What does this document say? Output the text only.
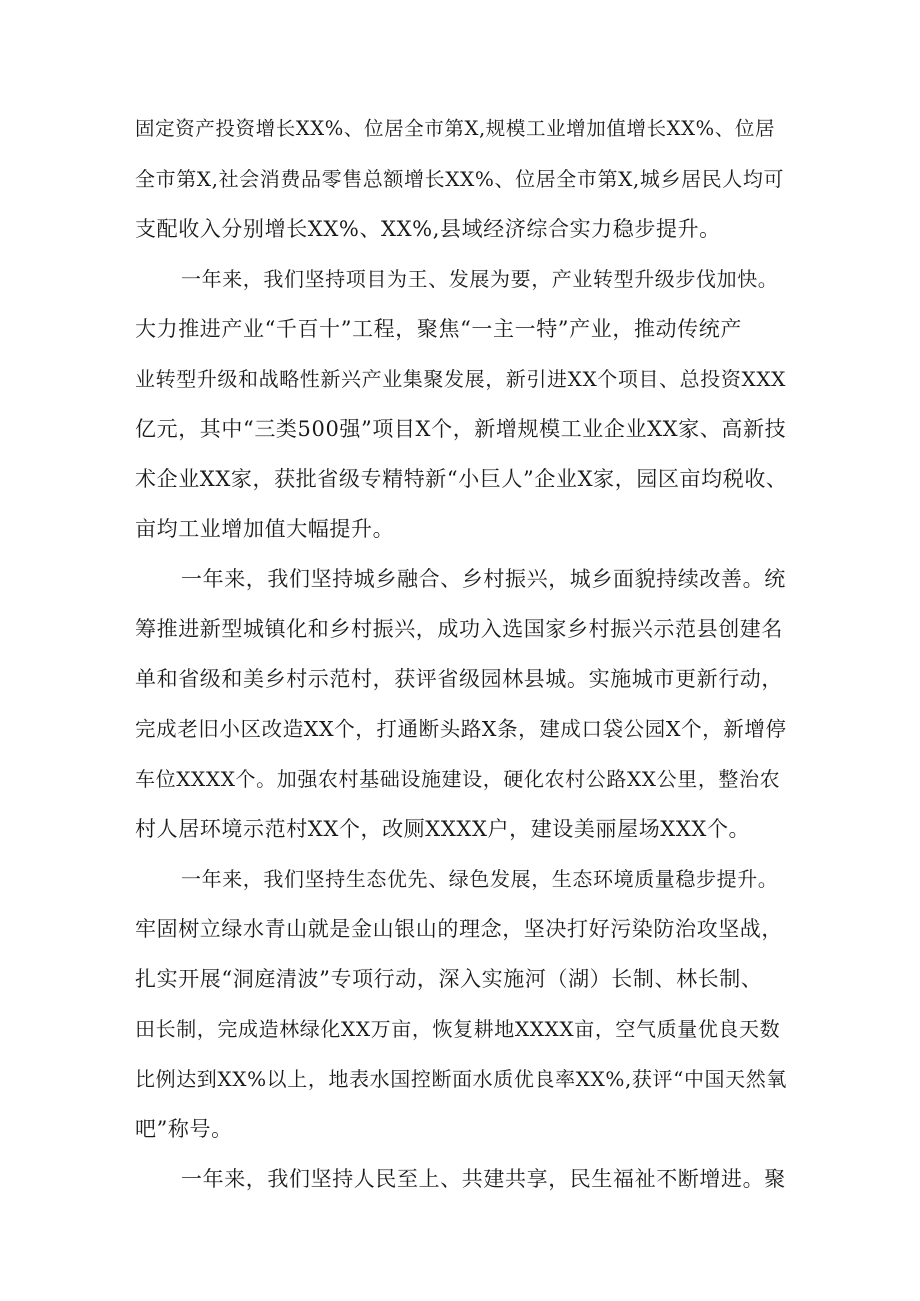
固定资产投资增长XX%、位居全市第X,规模工业增加值增长XX%、位居

全市第X,社会消费品零售总额增长XX%、位居全市第X,城乡居民人均可

支配收入分别增长XX%、XX%,县域经济综合实力稳步提升。

一年来，我们坚持项目为王、发展为要，产业转型升级步伐加快。

大力推进产业“千百十”工程，聚焦“一主一特”产业，推动传统产

业转型升级和战略性新兴产业集聚发展，新引进XX个项目、总投资XXX

亿元，其中“三类500强”项目X个，新增规模工业企业XX家、高新技

术企业XX家，获批省级专精特新“小巨人”企业X家，园区亩均税收、

亩均工业增加值大幅提升。

一年来，我们坚持城乡融合、乡村振兴，城乡面貌持续改善。统

筹推进新型城镇化和乡村振兴，成功入选国家乡村振兴示范县创建名

单和省级和美乡村示范村，获评省级园林县城。实施城市更新行动，

完成老旧小区改造XX个，打通断头路X条，建成口袋公园X个，新增停

车位XXXX个。加强农村基础设施建设，硬化农村公路XX公里，整治农

村人居环境示范村XX个，改厕XXXX户，建设美丽屋场XXX个。

一年来，我们坚持生态优先、绿色发展，生态环境质量稳步提升。

牢固树立绿水青山就是金山银山的理念，坚决打好污染防治攻坚战，

扎实开展“洞庭清波”专项行动，深入实施河（湖）长制、林长制、

田长制，完成造林绿化XX万亩，恢复耕地XXXX亩，空气质量优良天数

比例达到XX%以上，地表水国控断面水质优良率XX%,获评“中国天然氧

吧”称号。

一年来，我们坚持人民至上、共建共享，民生福祉不断增进。聚
